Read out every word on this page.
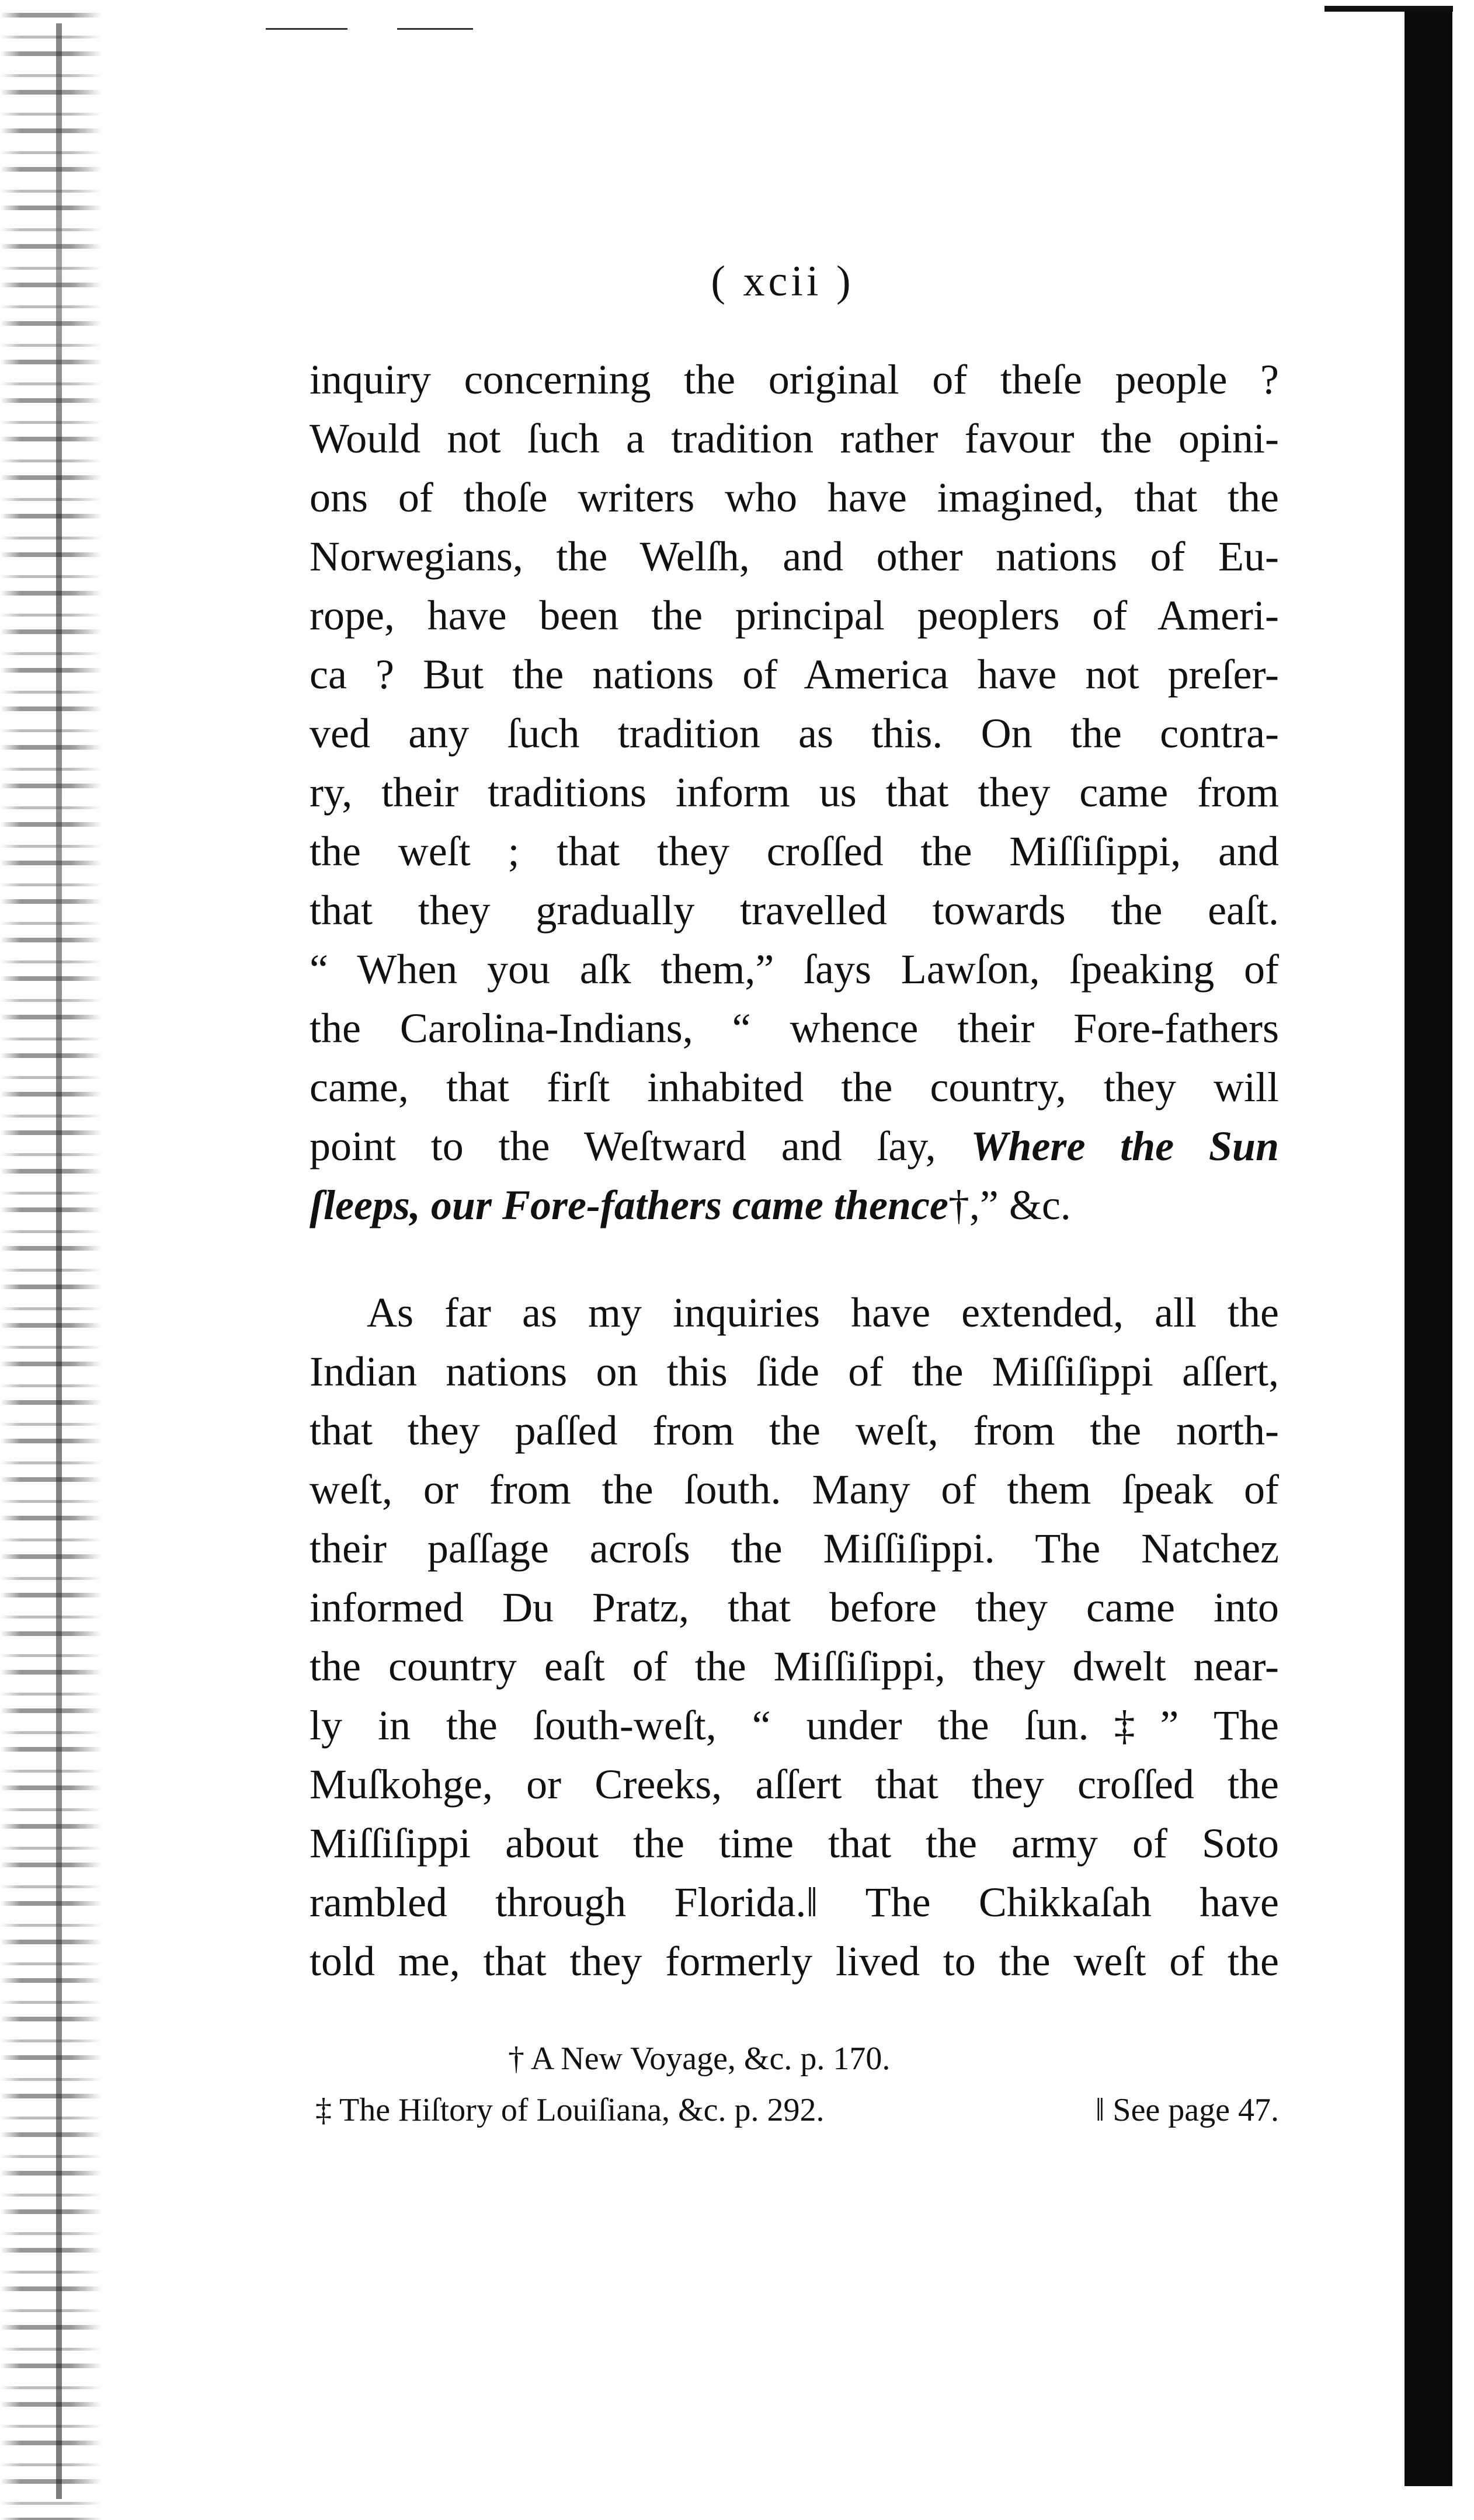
( xcii )
inquiry concerning the original of theſe people ?
Would not ſuch a tradition rather favour the opini-
ons of thoſe writers who have imagined, that the
Norwegians, the Welſh, and other nations of Eu-
rope, have been the principal peoplers of Ameri-
ca ? But the nations of America have not preſer-
ved any ſuch tradition as this. On the contra-
ry, their traditions inform us that they came from
the weſt ; that they croſſed the Miſſiſippi, and
that they gradually travelled towards the eaſt.
“ When you aſk them,” ſays Lawſon, ſpeaking of
the Carolina-Indians, “ whence their Fore-fathers
came, that firſt inhabited the country, they will
point to the Weſtward and ſay, Where the Sun
ſleeps, our Fore-fathers came thence†,” &c.
As far as my inquiries have extended, all the
Indian nations on this ſide of the Miſſiſippi aſſert,
that they paſſed from the weſt, from the north-
weſt, or from the ſouth. Many of them ſpeak of
their paſſage acroſs the Miſſiſippi. The Natchez
informed Du Pratz, that before they came into
the country eaſt of the Miſſiſippi, they dwelt near-
ly in the ſouth-weſt, “ under the ſun.‡” The
Muſkohge, or Creeks, aſſert that they croſſed the
Miſſiſippi about the time that the army of Soto
rambled through Florida.‖ The Chikkaſah have
told me, that they formerly lived to the weſt of the
† A New Voyage, &c. p. 170.
‡ The Hiſtory of Louiſiana, &c. p. 292.	‖ See page 47.
